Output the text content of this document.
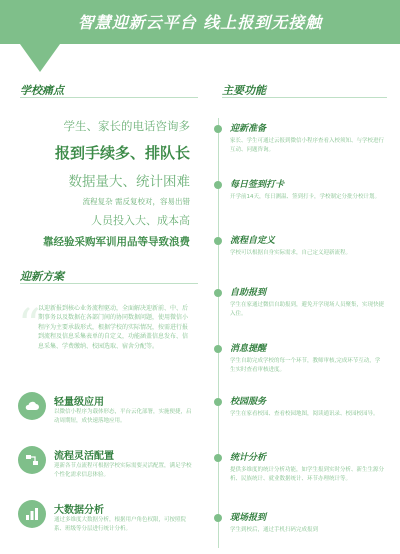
智慧迎新云平台 线上报到无接触
学校痛点
学生、家长的电话咨询多
报到手续多、排队长
数据量大、统计困难
流程复杂 需反复校对，容易出错
人员投入大、成本高
靠经验采购军训用品等导致浪费
迎新方案
“
以迎新报到核心业务流程驱动，全面解决迎新前、中、后期事务以及数据在各部门间的协同数据问题，使用微信小程序为主要承载形式，根据学校的实际情况，按需进行报到流程及信息采集表单的自定义，功能涵盖信息发布、信息采集、学费缴纳、校园选取、宿舍分配等。
轻量级应用
以微信小程序为载体形态，平台云化部署，实施便捷，启动周期短，成快速落地应用。
流程灵活配置
迎新各节点流程可根据学校实际需要灵活配置，满足学校个性化需求信息体验。
大数据分析
通过多维度大数据分析，根据用户角色权限，可按照院系、班级等分层进行统计分析。
主要功能
迎新准备
家长、学生可通过云报到微信小程序查看入校须知、与学校进行互动、问题咨询。
每日签到打卡
开学前14天，每日测温、签到打卡，学校制定分批分校计划。
流程自定义
学校可以根据自身实际需求，自己定义迎新流程。
自助报到
学生在家通过微信自助报到，避免开学现场人员聚集，实现快捷入住。
消息提醒
学生自助完成学校的每一个环节，教师审核,完成环节互动，学生实时查看审核进度。
校园服务
学生在家看校园、查看校园地图，阅读通讯录、校园校园导。
统计分析
提供多维度的统计分析功能，如学生报到实时分析、新生生源分析、民族统计、就业数据统计、环节办理统计等。
现场报到
学生到校后，通过手机扫码完成报到
